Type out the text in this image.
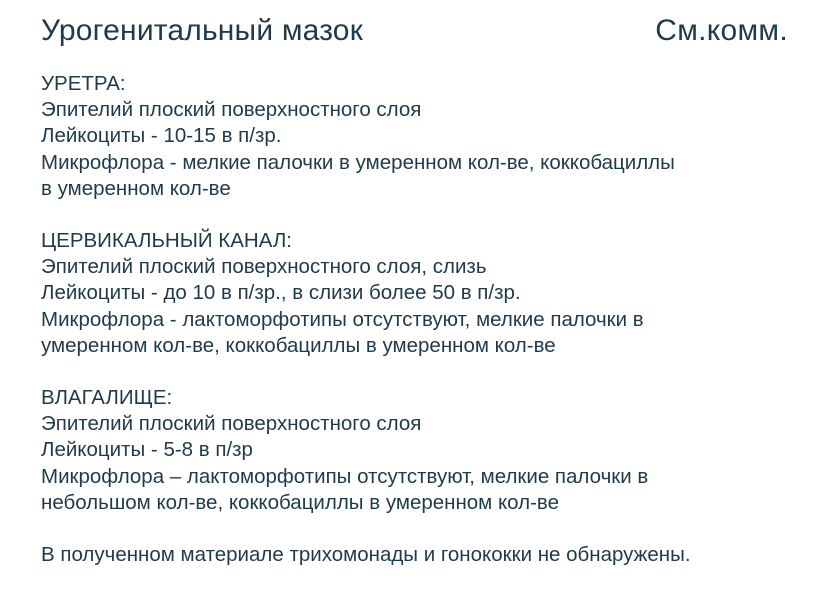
Урогенитальный мазок	См.комм.
УРЕТРА:
Эпителий плоский поверхностного слоя
Лейкоциты - 10-15 в п/зр.
Микрофлора - мелкие палочки в умеренном кол-ве, коккобациллы
в умеренном кол-ве
ЦЕРВИКАЛЬНЫЙ КАНАЛ:
Эпителий плоский поверхностного слоя, слизь
Лейкоциты - до 10 в п/зр., в слизи более 50 в п/зр.
Микрофлора - лактоморфотипы отсутствуют, мелкие палочки в
умеренном кол-ве, коккобациллы в умеренном кол-ве
ВЛАГАЛИЩЕ:
Эпителий плоский поверхностного слоя
Лейкоциты - 5-8 в п/зр
Микрофлора – лактоморфотипы отсутствуют, мелкие палочки в
небольшом кол-ве, коккобациллы в умеренном кол-ве
В полученном материале трихомонады и гонококки не обнаружены.
